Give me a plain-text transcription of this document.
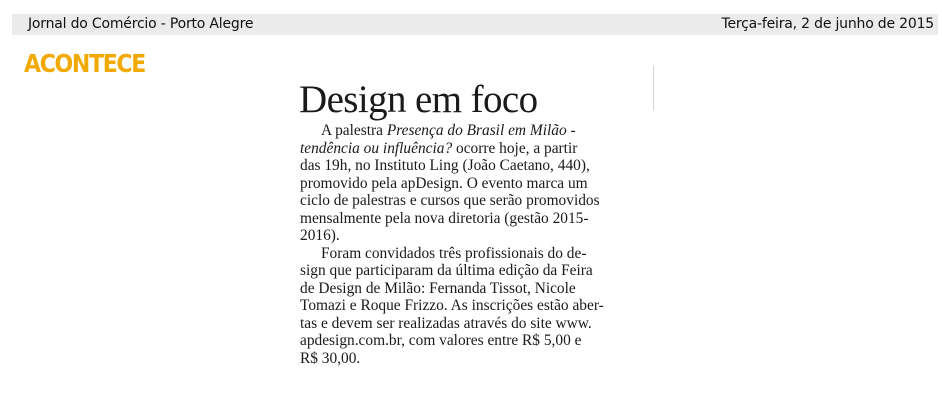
Jornal do Comércio - Porto Alegre	Terça-feira, 2 de junho de 2015
ACONTECE
Design em foco
A palestra Presença do Brasil em Milão -
tendência ou influência? ocorre hoje, a partir
das 19h, no Instituto Ling (João Caetano, 440),
promovido pela apDesign. O evento marca um
ciclo de palestras e cursos que serão promovidos
mensalmente pela nova diretoria (gestão 2015-
2016).
Foram convidados três profissionais do de-
sign que participaram da última edição da Feira
de Design de Milão: Fernanda Tissot, Nicole
Tomazi e Roque Frizzo. As inscrições estão aber-
tas e devem ser realizadas através do site www.
apdesign.com.br, com valores entre R$ 5,00 e
R$ 30,00.
